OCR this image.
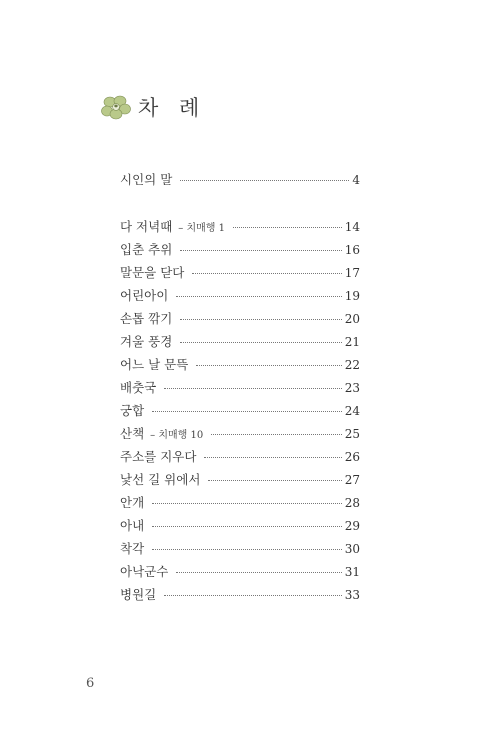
차 례
시인의 말	4
다 저녁때 – 치매행 1	14
입춘 추위	16
말문을 닫다	17
어린아이	19
손톱 깎기	20
겨울 풍경	21
어느 날 문뜩	22
배춧국	23
궁합	24
산책 – 치매행 10	25
주소를 지우다	26
낯선 길 위에서	27
안개	28
아내	29
착각	30
아낙군수	31
병원길	33
6
